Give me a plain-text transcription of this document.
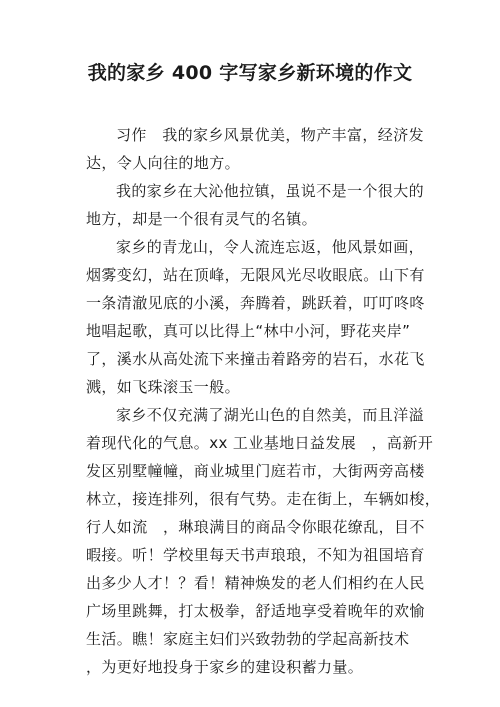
我的家乡 400 字写家乡新环境的作文
习作　我的家乡风景优美，物产丰富，经济发
达，令人向往的地方。
我的家乡在大沁他拉镇，虽说不是一个很大的
地方，却是一个很有灵气的名镇。
家乡的青龙山，令人流连忘返，他风景如画，
烟雾变幻，站在顶峰，无限风光尽收眼底。山下有
一条清澈见底的小溪，奔腾着，跳跃着，叮叮咚咚
地唱起歌，真可以比得上“林中小河，野花夹岸”
了，溪水从高处流下来撞击着路旁的岩石，水花飞
溅，如飞珠滚玉一般。
家乡不仅充满了湖光山色的自然美，而且洋溢
着现代化的气息。xx 工业基地日益发展　，高新开
发区别墅幢幢，商业城里门庭若市，大街两旁高楼
林立，接连排列，很有气势。走在街上，车辆如梭，
行人如流　，琳琅满目的商品令你眼花缭乱，目不
暇接。听！学校里每天书声琅琅，不知为祖国培育
出多少人才！？看！精神焕发的老人们相约在人民
广场里跳舞，打太极拳，舒适地享受着晚年的欢愉
生活。瞧！家庭主妇们兴致勃勃的学起高新技术
，为更好地投身于家乡的建设积蓄力量。
